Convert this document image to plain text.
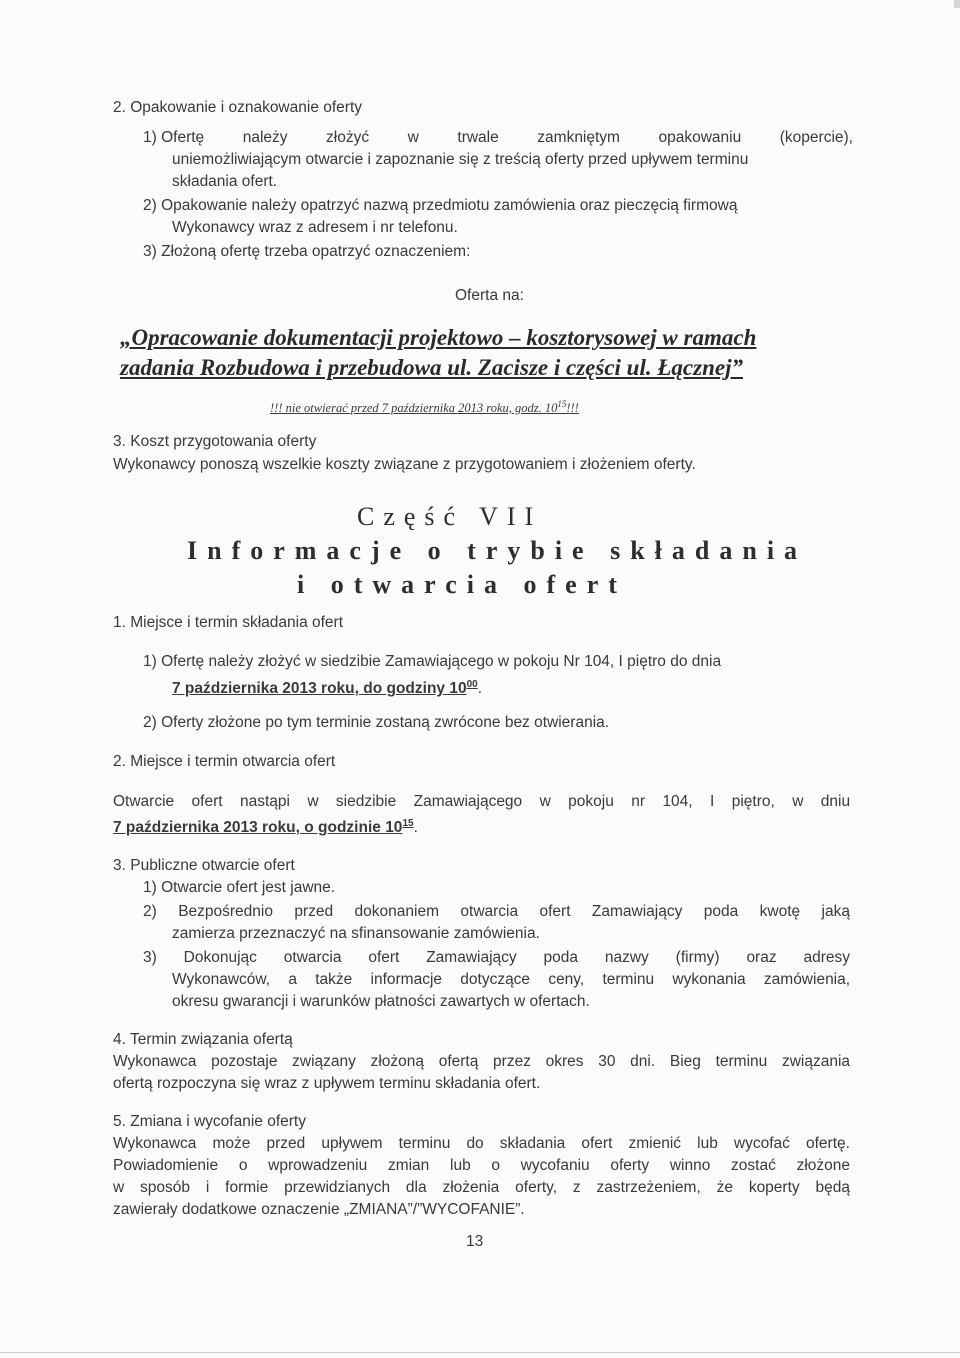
2. Opakowanie i oznakowanie oferty
1) Ofertę należy złożyć w trwale zamkniętym opakowaniu (kopercie),
uniemożliwiającym otwarcie i zapoznanie się z treścią oferty przed upływem terminu
składania ofert.
2) Opakowanie należy opatrzyć nazwą przedmiotu zamówienia oraz pieczęcią firmową
Wykonawcy wraz z adresem i nr telefonu.
3) Złożoną ofertę trzeba opatrzyć oznaczeniem:
Oferta na:
„Opracowanie dokumentacji projektowo – kosztorysowej w ramach
zadania Rozbudowa i przebudowa ul. Zacisze i części ul. Łącznej”
!!! nie otwierać przed 7 października 2013 roku, godz. $10^{15}$!!!
3. Koszt przygotowania oferty
Wykonawcy ponoszą wszelkie koszty związane z przygotowaniem i złożeniem oferty.
Część VII
Informacje o trybie składania
i otwarcia ofert
1. Miejsce i termin składania ofert
1) Ofertę należy złożyć w siedzibie Zamawiającego w pokoju Nr 104, I piętro do dnia
7 października 2013 roku, do godziny $10^{00}$.
2) Oferty złożone po tym terminie zostaną zwrócone bez otwierania.
2. Miejsce i termin otwarcia ofert
Otwarcie ofert nastąpi w siedzibie Zamawiającego w pokoju nr 104, I piętro, w dniu
7 października 2013 roku, o godzinie $10^{15}$.
3. Publiczne otwarcie ofert
1) Otwarcie ofert jest jawne.
2) Bezpośrednio przed dokonaniem otwarcia ofert Zamawiający poda kwotę jaką
zamierza przeznaczyć na sfinansowanie zamówienia.
3) Dokonując otwarcia ofert Zamawiający poda nazwy (firmy) oraz adresy
Wykonawców, a także informacje dotyczące ceny, terminu wykonania zamówienia,
okresu gwarancji i warunków płatności zawartych w ofertach.
4. Termin związania ofertą
Wykonawca pozostaje związany złożoną ofertą przez okres 30 dni. Bieg terminu związania
ofertą rozpoczyna się wraz z upływem terminu składania ofert.
5. Zmiana i wycofanie oferty
Wykonawca może przed upływem terminu do składania ofert zmienić lub wycofać ofertę.
Powiadomienie o wprowadzeniu zmian lub o wycofaniu oferty winno zostać złożone
w sposób i formie przewidzianych dla złożenia oferty, z zastrzeżeniem, że koperty będą
zawierały dodatkowe oznaczenie „ZMIANA”/”WYCOFANIE”.
13
